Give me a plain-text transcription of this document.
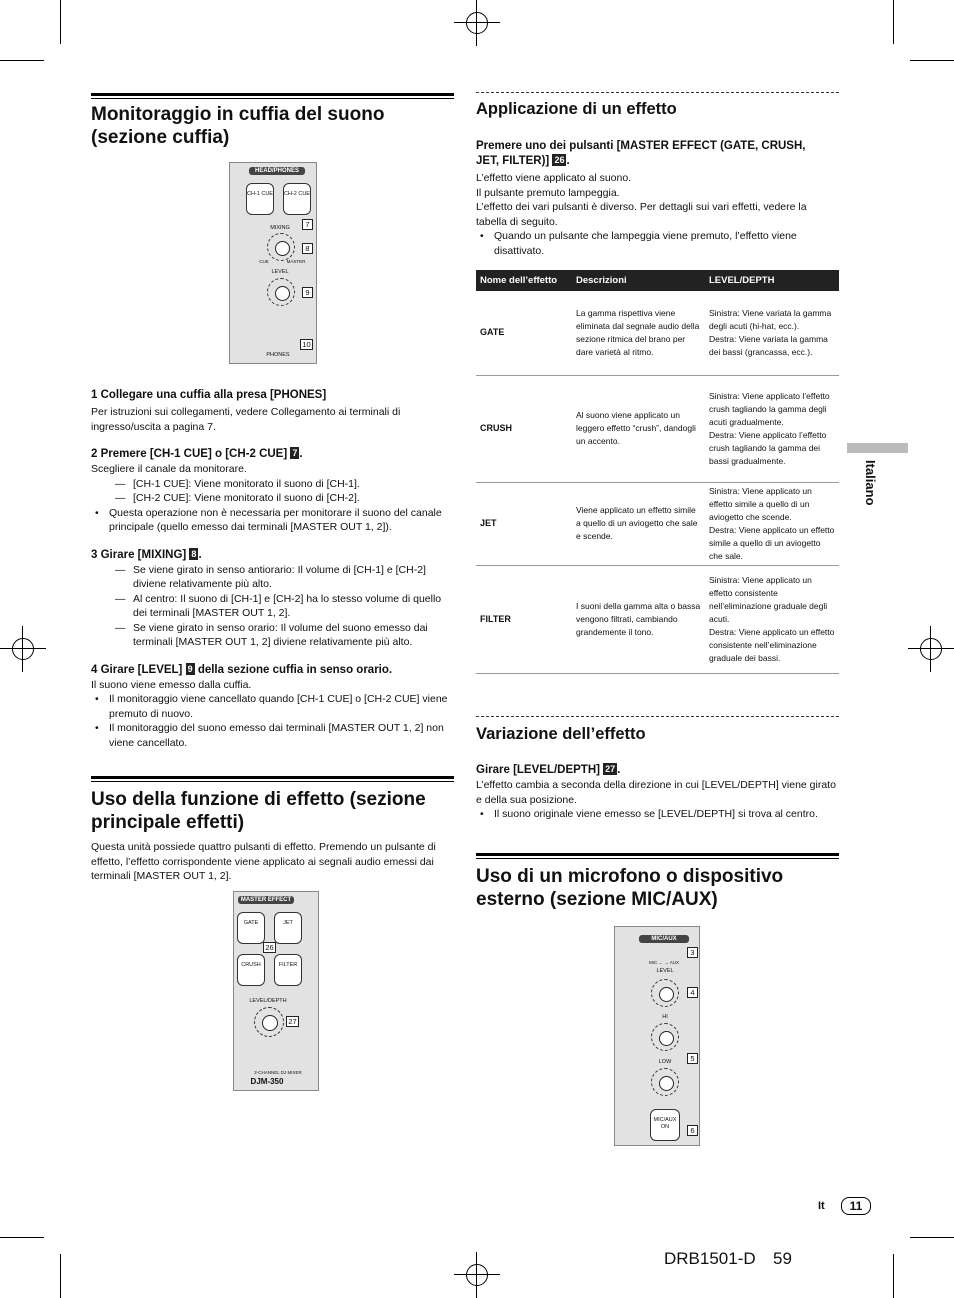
Monitoraggio in cuffia del suono (sezione cuffia)
HEAD/PHONES

CH-1 CUE CH-2 CUE
7
MIXING
8
CUE	MASTER
LEVEL
9
10
PHONES

1 Collegare una cuffia alla presa [PHONES]

Per istruzioni sui collegamenti, vedere Collegamento ai terminali di ingresso/uscita a pagina 7.

2 Premere [CH-1 CUE] o [CH-2 CUE] 7 .

Scegliere il canale da monitorare.

— [CH-1 CUE]: Viene monitorato il suono di [CH-1].

— [CH-2 CUE]: Viene monitorato il suono di [CH-2].

• Questa operazione non è necessaria per monitorare il suono del canale principale (quello emesso dai terminali [MASTER OUT 1, 2]).

3 Girare [MIXING] 8 .

— Se viene girato in senso antiorario: Il volume di [CH-1] e [CH-2] diviene relativamente più alto.

— Al centro: Il suono di [CH-1] e [CH-2] ha lo stesso volume di quello dei terminali [MASTER OUT 1, 2].

— Se viene girato in senso orario: Il volume del suono emesso dai terminali [MASTER OUT 1, 2] diviene relativamente più alto.

4 Girare [LEVEL] 9 della sezione cuffia in senso orario.

Il suono viene emesso dalla cuffia.

• Il monitoraggio viene cancellato quando [CH-1 CUE] o [CH-2 CUE] viene premuto di nuovo.

• Il monitoraggio del suono emesso dai terminali [MASTER OUT 1, 2] non viene cancellato.

Uso della funzione di effetto (sezione principale effetti)

Questa unità possiede quattro pulsanti di effetto. Premendo un pulsante di effetto, l’effetto corrispondente viene applicato ai segnali audio emessi dai terminali [MASTER OUT 1, 2].

MASTER EFFECT

GATE	JET
26

CRUSH	FILTER
LEVEL/DEPTH
27
2-CHANNEL DJ MIXER
DJM-350
Applicazione di un effetto

Premere uno dei pulsanti [MASTER EFFECT (GATE, CRUSH, JET, FILTER)] 26 .

L’effetto viene applicato al suono.

Il pulsante premuto lampeggia.

L’effetto dei vari pulsanti è diverso. Per dettagli sui vari effetti, vedere la tabella di seguito.

• Quando un pulsante che lampeggia viene premuto, l’effetto viene disattivato.

Nome dell’effetto	Descrizioni	LEVEL/DEPTH
GATE	La gamma rispettiva viene eliminata dal segnale audio della sezione ritmica del brano per dare varietà al ritmo.	Sinistra: Viene variata la gamma degli acuti (hi-hat, ecc.).
Destra: Viene variata la gamma dei bassi (grancassa, ecc.).
CRUSH	Al suono viene applicato un leggero effetto “crush”, dandogli un accento.	Sinistra: Viene applicato l’effetto crush tagliando la gamma degli acuti gradualmente.
Destra: Viene applicato l’effetto crush tagliando la gamma dei bassi gradualmente.
JET	Viene applicato un effetto simile a quello di un aviogetto che sale e scende.	Sinistra: Viene applicato un effetto simile a quello di un aviogetto che scende.
Destra: Viene applicato un effetto simile a quello di un aviogetto che sale.
FILTER	I suoni della gamma alta o bassa vengono filtrati, cambiando grandemente il tono.	Sinistra: Viene applicato un effetto consistente nell’eliminazione graduale degli acuti.
Destra: Viene applicato un effetto consistente nell’eliminazione graduale dei bassi.
Variazione dell’effetto

Girare [LEVEL/DEPTH] 27 .

L’effetto cambia a seconda della direzione in cui [LEVEL/DEPTH] viene girato e della sua posizione.

• Il suono originale viene emesso se [LEVEL/DEPTH] si trova al centro.

Uso di un microfono o dispositivo esterno (sezione MIC/AUX)
MIC/AUX
MIC ← → AUX
3
LEVEL
4
HI
LOW	5

MIC/AUX ON	6
Italiano
It	11
DRB1501-D 59
